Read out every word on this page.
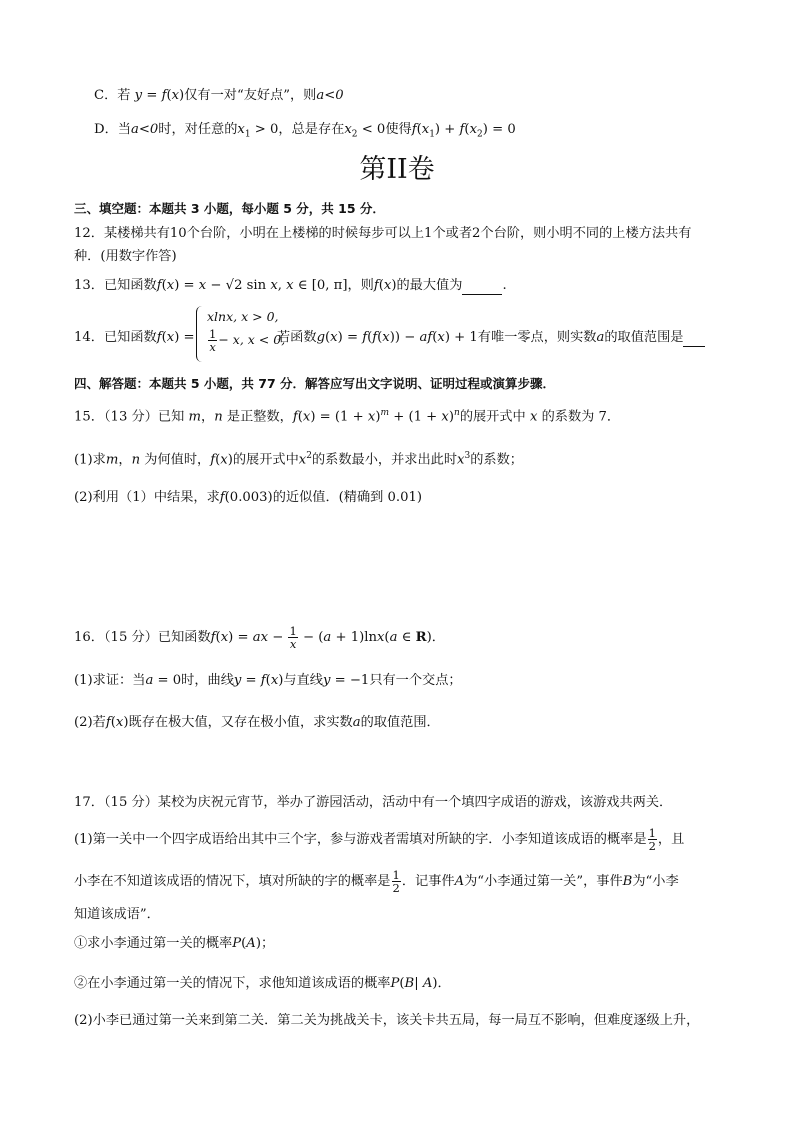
C．若 y = f(x)仅有一对“友好点”，则a<0
D．当a<0时，对任意的$x_1 > 0$，总是存在$x_2 < 0$使得$f(x_1) + f(x_2) = 0$
第II卷
三、填空题：本题共 3 小题，每小题 5 分，共 15 分．
12．某楼梯共有10个台阶，小明在上楼梯的时候每步可以上1个或者2个台阶，则小明不同的上楼方法共有
种．(用数字作答)
13．已知函数f(x) = x − √2 sin x, x ∈ [0, π]，则f(x)的最大值为	.
14．已知函数f(x) =
xlnx, x > 0,
$\frac{1}{x} - x$, x < 0,
若函数g(x) = f(f(x)) − af(x) + 1有唯一零点，则实数a的取值范围是
四、解答题：本题共 5 小题，共 77 分．解答应写出文字说明、证明过程或演算步骤．
15．（13 分）已知 m，n 是正整数，$f(x) = (1 + x)^m + (1 + x)^n$的展开式中 x 的系数为 7．
(1)求m，n 为何值时，f(x)的展开式中$x^2$的系数最小，并求出此时$x^3$的系数；
(2)利用（1）中结果，求f(0.003)的近似值．(精确到 0.01)
16．（15 分）已知函数f(x) = ax − $\frac{1}{x} - (a + 1)\ln x(a$ ∈ R)．
(1)求证：当a = 0时，曲线y = f(x)与直线y = −1只有一个交点；
(2)若f(x)既存在极大值，又存在极小值，求实数a的取值范围．
17．（15 分）某校为庆祝元宵节，举办了游园活动，活动中有一个填四字成语的游戏，该游戏共两关．
(1)第一关中一个四字成语给出其中三个字，参与游戏者需填对所缺的字．小李知道该成语的概率是 $\frac{1}{2}$ ，且
小李在不知道该成语的情况下，填对所缺的字的概率是 $\frac{1}{2}$ ．记事件A为“小李通过第一关”，事件B为“小李
知道该成语”．
①求小李通过第一关的概率P(A)；
②在小李通过第一关的情况下，求他知道该成语的概率P(B| A)．
(2)小李已通过第一关来到第二关．第二关为挑战关卡，该关卡共五局，每一局互不影响，但难度逐级上升，
